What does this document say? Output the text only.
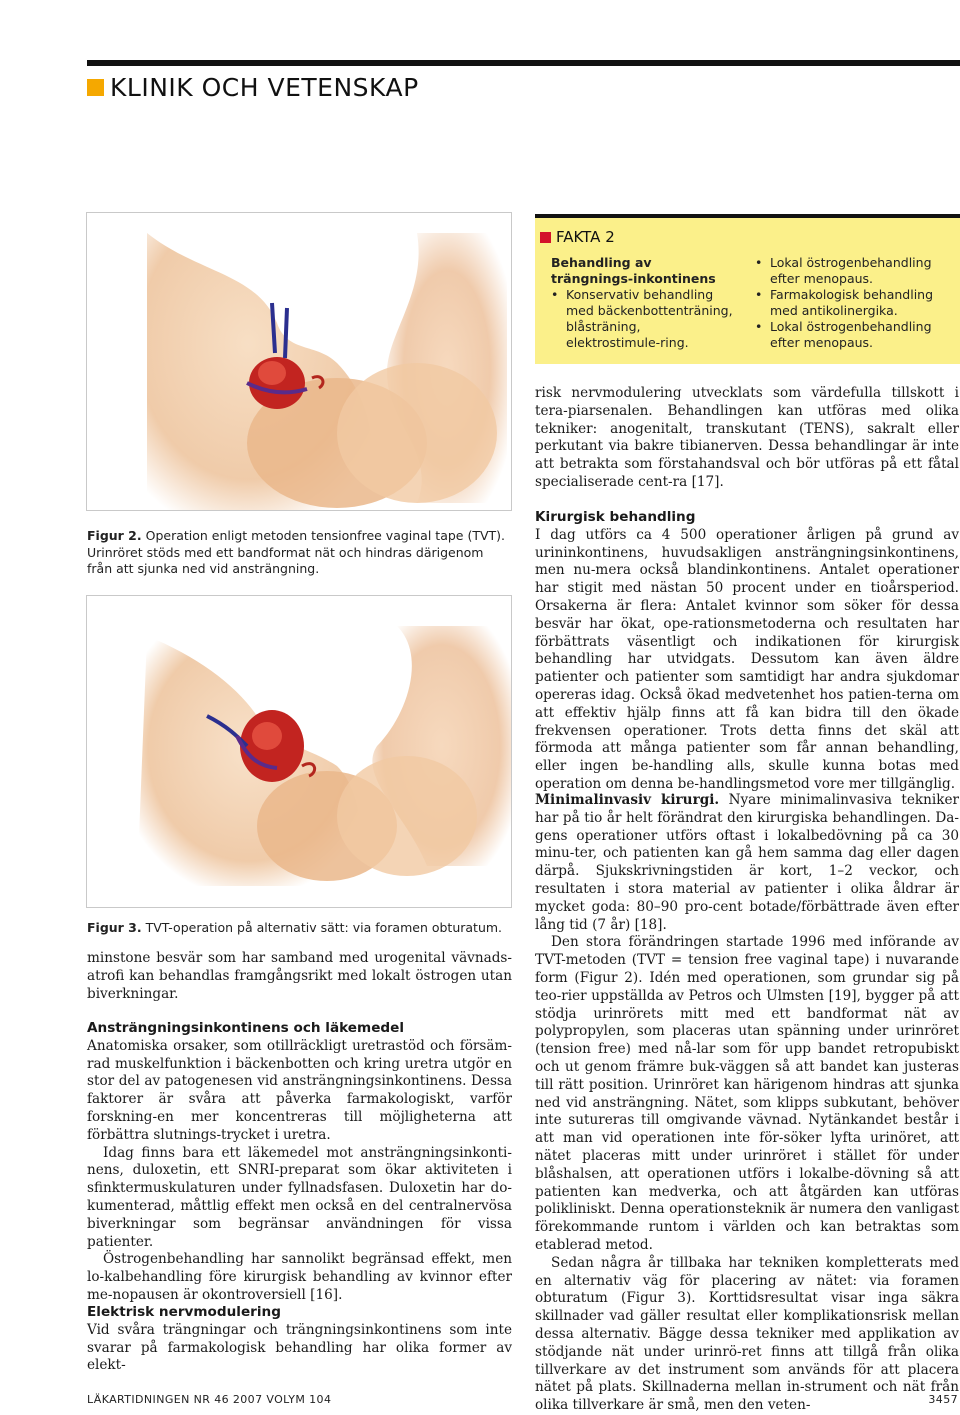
KLINIK OCH VETENSKAP
Figur 2. Operation enligt metoden tensionfree vaginal tape (TVT). Urinröret stöds med ett bandformat nät och hindras därigenom från att sjunka ned vid ansträngning.
Figur 3. TVT-operation på alternativ sätt: via foramen obturatum.
FAKTA 2
Behandling av trängnings-inkontinens
• Konservativ behandling med bäckenbottenträning, blåsträning, elektrostimule-ring.
• Lokal östrogenbehandling efter menopaus.
• Farmakologisk behandling med antikolinergika.
• Lokal östrogenbehandling efter menopaus.

risk nervmodulering utvecklats som värdefulla tillskott i tera-piarsenalen. Behandlingen kan utföras med olika tekniker: anogenitalt, transkutant (TENS), sakralt eller perkutant via bakre tibianerven. Dessa behandlingar är inte att betrakta som förstahandsval och bör utföras på ett fåtal specialiserade cent-ra [17].

Kirurgisk behandling

I dag utförs ca 4 500 operationer årligen på grund av urininkontinens, huvudsakligen ansträngningsinkontinens, men nu-mera också blandinkontinens. Antalet operationer har stigit med nästan 50 procent under en tioårsperiod. Orsakerna är flera: Antalet kvinnor som söker för dessa besvär har ökat, ope-rationsmetoderna och resultaten har förbättrats väsentligt och indikationen för kirurgisk behandling har utvidgats. Dessutom kan även äldre patienter och patienter som samtidigt har andra sjukdomar opereras idag. Också ökad medvetenhet hos patien-terna om att effektiv hjälp finns att få kan bidra till den ökade frekvensen operationer. Trots detta finns det skäl att förmoda att många patienter som får annan behandling, eller ingen be-handling alls, skulle kunna botas med operation om denna be-handlingsmetod vore mer tillgänglig.

Minimalinvasiv kirurgi. Nyare minimalinvasiva tekniker har på tio år helt förändrat den kirurgiska behandlingen. Da-gens operationer utförs oftast i lokalbedövning på ca 30 minu-ter, och patienten kan gå hem samma dag eller dagen därpå. Sjukskrivningstiden är kort, 1–2 veckor, och resultaten i stora material av patienter i olika åldrar är mycket goda: 80–90 pro-cent botade/förbättrade även efter lång tid (7 år) [18].

Den stora förändringen startade 1996 med införande av TVT-metoden (TVT = tension free vaginal tape) i nuvarande form (Figur 2). Idén med operationen, som grundar sig på teo-rier uppställda av Petros och Ulmsten [19], bygger på att stödja urinrörets mitt med ett bandformat nät av polypropylen, som placeras utan spänning under urinröret (tension free) med nå-lar som för upp bandet retropubiskt och ut genom främre buk-väggen så att bandet kan justeras till rätt position. Urinröret kan härigenom hindras att sjunka ned vid ansträngning. Nätet, som klipps subkutant, behöver inte sutureras till omgivande vävnad. Nytänkandet består i att man vid operationen inte för-söker lyfta urinöret, att nätet placeras mitt under urinröret i stället för under blåshalsen, att operationen utförs i lokalbe-dövning så att patienten kan medverka, och att åtgärden kan utföras polikliniskt. Denna operationsteknik är numera den vanligast förekommande runtom i världen och kan betraktas som etablerad metod.

Sedan några år tillbaka har tekniken kompletterats med en alternativ väg för placering av nätet: via foramen obturatum (Figur 3). Korttidsresultat visar inga säkra skillnader vad gäller resultat eller komplikationsrisk mellan dessa alternativ. Bägge dessa tekniker med applikation av stödjande nät under urinrö-ret finns att tillgå från olika tillverkare av det instrument som används för att placera nätet på plats. Skillnaderna mellan in-strument och nät från olika tillverkare är små, men den veten-

minstone besvär som har samband med urogenital vävnads-atrofi kan behandlas framgångsrikt med lokalt östrogen utan biverkningar.

Ansträngningsinkontinens och läkemedel

Anatomiska orsaker, som otillräckligt uretrastöd och försäm-rad muskelfunktion i bäckenbotten och kring uretra utgör en stor del av patogenesen vid ansträngningsinkontinens. Dessa faktorer är svåra att påverka farmakologiskt, varför forskning-en mer koncentreras till möjligheterna att förbättra slutnings-trycket i uretra.

Idag finns bara ett läkemedel mot ansträngningsinkonti-nens, duloxetin, ett SNRI-preparat som ökar aktiviteten i sfinktermuskulaturen under fyllnadsfasen. Duloxetin har do-kumenterad, måttlig effekt men också en del centralnervösa biverkningar som begränsar användningen för vissa patienter.

Östrogenbehandling har sannolikt begränsad effekt, men lo-kalbehandling före kirurgisk behandling av kvinnor efter me-nopausen är okontroversiell [16].

Elektrisk nervmodulering

Vid svåra trängningar och trängningsinkontinens som inte svarar på farmakologisk behandling har olika former av elekt-

LÄKARTIDNINGEN NR 46 2007 VOLYM 104	3457
